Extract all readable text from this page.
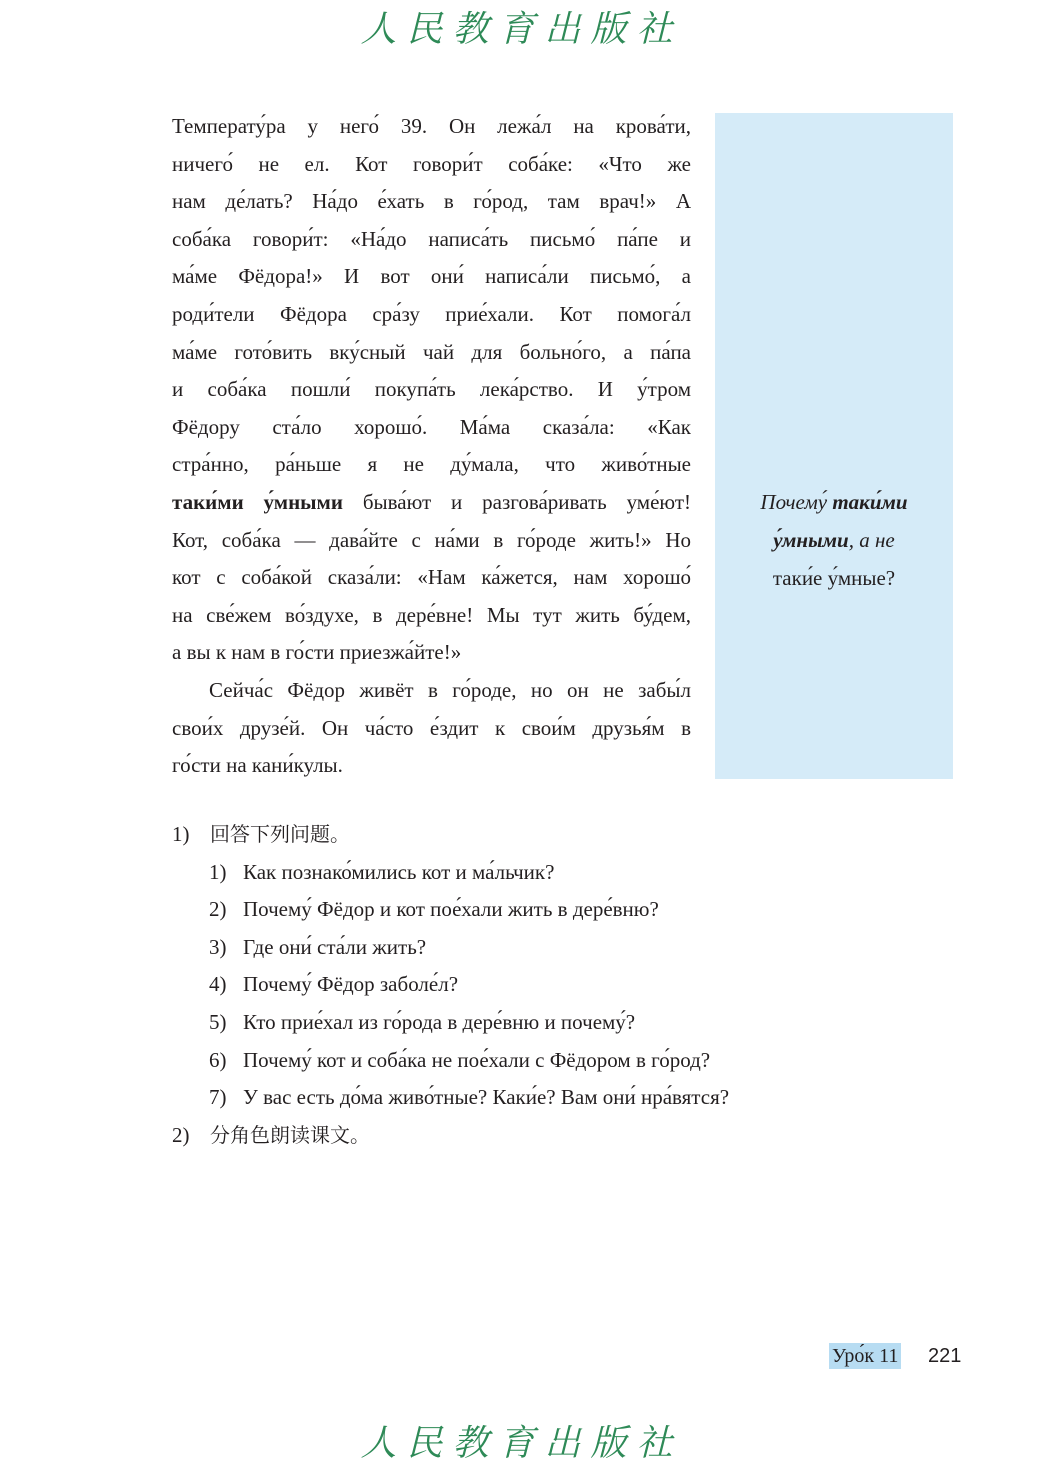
人民教育出版社
Почему́ таки́ми
у́мными, а не
таки́е у́мные?

Температу́ра у него́ 39. Он лежа́л на крова́ти,
ничего́ не ел. Кот говори́т соба́ке: «Что же
нам де́лать? На́до е́хать в го́род, там врач!» А
соба́ка говори́т: «На́до написа́ть письмо́ па́пе и
ма́ме Фёдора!» И вот они́ написа́ли письмо́, а
роди́тели Фёдора сра́зу прие́хали. Кот помога́л
ма́ме гото́вить вку́сный чай для больно́го, а па́па
и соба́ка пошли́ покупа́ть лека́рство. И у́тром
Фёдору ста́ло хорошо́. Ма́ма сказа́ла: «Как
стра́нно, ра́ньше я не ду́мала, что живо́тные
таки́ми у́мными быва́ют и разгова́ривать уме́ют!
Кот, соба́ка — дава́йте с на́ми в го́роде жить!» Но
кот с соба́кой сказа́ли: «Нам ка́жется, нам хорошо́
на све́жем во́здухе, в дере́вне! Мы тут жить бу́дем,
а вы к нам в го́сти приезжа́йте!»

Сейча́с Фёдор живёт в го́роде, но он не забы́л
свои́х друзе́й. Он ча́сто е́здит к свои́м друзья́м в
го́сти на кани́кулы.

1) 回答下列问题。
1) Как познако́мились кот и ма́льчик?
2) Почему́ Фёдор и кот пое́хали жить в дере́вню?
3) Где они́ ста́ли жить?
4) Почему́ Фёдор заболе́л?
5) Кто прие́хал из го́рода в дере́вню и почему́?
6) Почему́ кот и соба́ка не пое́хали с Фёдором в го́род?
7) У вас есть до́ма живо́тные? Каки́е? Вам они́ нра́вятся?
2) 分角色朗读课文。
Уро́к 11 221
人民教育出版社
